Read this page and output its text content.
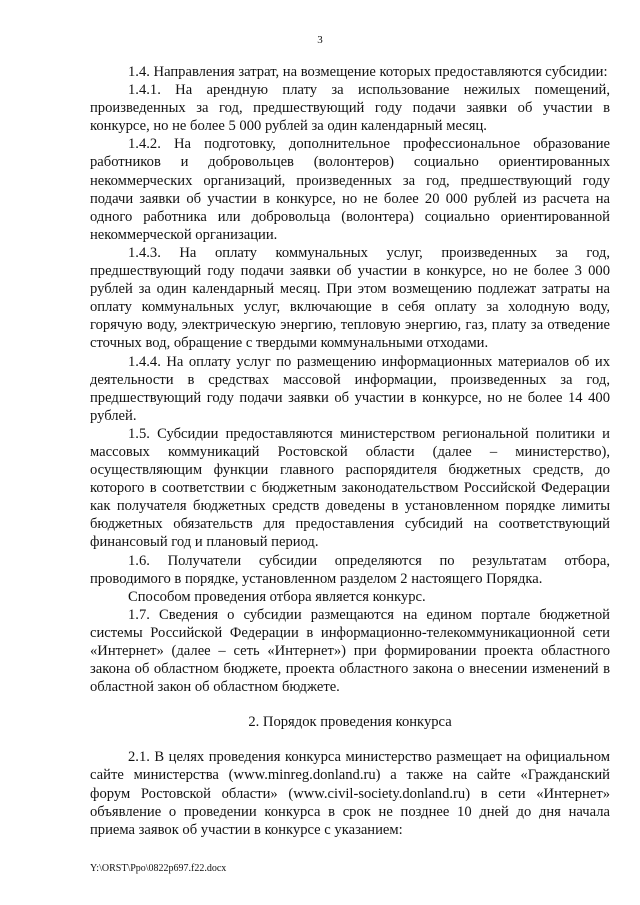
3

1.4. Направления затрат, на возмещение которых предоставляются субсидии:

1.4.1. На арендную плату за использование нежилых помещений, произведенных за год, предшествующий году подачи заявки об участии в конкурсе, но не более 5 000 рублей за один календарный месяц.

1.4.2. На подготовку, дополнительное профессиональное образование работников и добровольцев (волонтеров) социально ориентированных некоммерческих организаций, произведенных за год, предшествующий году подачи заявки об участии в конкурсе, но не более 20 000 рублей из расчета на одного работника или добровольца (волонтера) социально ориентированной некоммерческой организации.

1.4.3. На оплату коммунальных услуг, произведенных за год, предшествующий году подачи заявки об участии в конкурсе, но не более 3 000 рублей за один календарный месяц. При этом возмещению подлежат затраты на оплату коммунальных услуг, включающие в себя оплату за холодную воду, горячую воду, электрическую энергию, тепловую энергию, газ, плату за отведение сточных вод, обращение с твердыми коммунальными отходами.

1.4.4. На оплату услуг по размещению информационных материалов об их деятельности в средствах массовой информации, произведенных за год, предшествующий году подачи заявки об участии в конкурсе, но не более 14 400 рублей.

1.5. Субсидии предоставляются министерством региональной политики и массовых коммуникаций Ростовской области (далее – министерство), осуществляющим функции главного распорядителя бюджетных средств, до которого в соответствии с бюджетным законодательством Российской Федерации как получателя бюджетных средств доведены в установленном порядке лимиты бюджетных обязательств для предоставления субсидий на соответствующий финансовый год и плановый период.

1.6. Получатели субсидии определяются по результатам отбора, проводимого в порядке, установленном разделом 2 настоящего Порядка.

Способом проведения отбора является конкурс.

1.7. Сведения о субсидии размещаются на едином портале бюджетной системы Российской Федерации в информационно-телекоммуникационной сети «Интернет» (далее – сеть «Интернет») при формировании проекта областного закона об областном бюджете, проекта областного закона о внесении изменений в областной закон об областном бюджете.

2. Порядок проведения конкурса

2.1. В целях проведения конкурса министерство размещает на официальном сайте министерства (www.minreg.donland.ru) а также на сайте «Гражданский форум Ростовской области» (www.civil-society.donland.ru) в сети «Интернет» объявление о проведении конкурса в срок не позднее 10 дней до дня начала приема заявок об участии в конкурсе с указанием:

Y:\ORST\Ppo\0822p697.f22.docx
